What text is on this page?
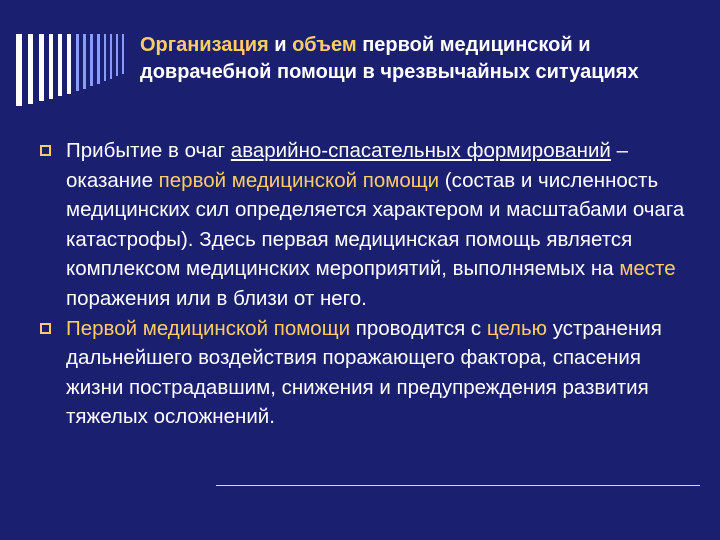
Организация и объем первой медицинской и доврачебной помощи в чрезвычайных ситуациях

Прибытие в очаг аварийно-спасательных формирований – оказание первой медицинской помощи (состав и численность медицинских сил определяется характером и масштабами очага катастрофы). Здесь первая медицинская помощь является комплексом медицинских мероприятий, выполняемых на месте поражения или в близи от него.

Первой медицинской помощи проводится с целью устранения дальнейшего воздействия поражающего фактора, спасения жизни пострадавшим, снижения и предупреждения развития тяжелых осложнений.
